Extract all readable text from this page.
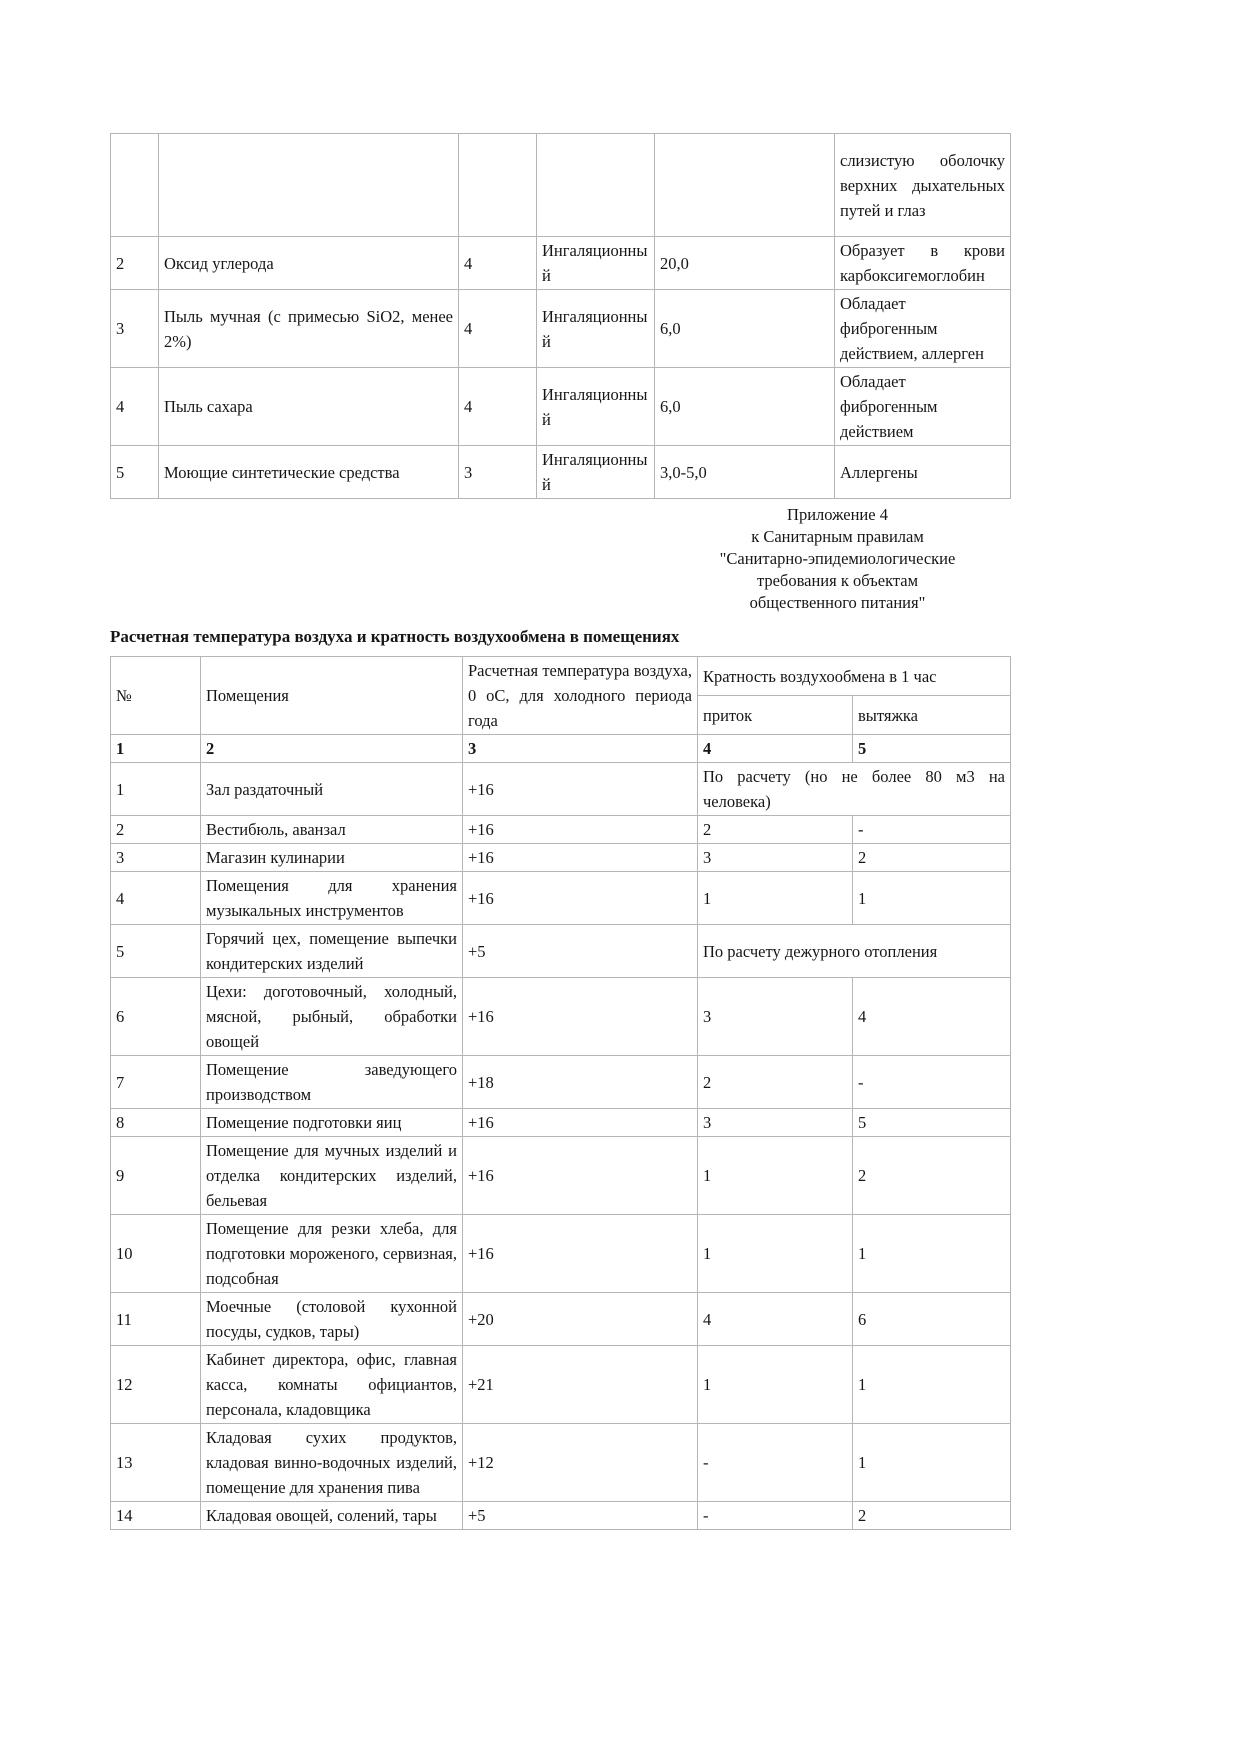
					слизистую оболочку верхних дыхательных путей и глаз
2	Оксид углерода	4	Ингаляционный	20,0	Образует в крови карбоксигемоглобин
3	Пыль мучная (с примесью SiO2, менее 2%)	4	Ингаляционный	6,0	Обладает фиброгенным действием, аллерген
4	Пыль сахара	4	Ингаляционный	6,0	Обладает фиброгенным действием
5	Моющие синтетические средства	3	Ингаляционный	3,0-5,0	Аллергены
Приложение 4
к Санитарным правилам
"Санитарно-эпидемиологические
требования к объектам
общественного питания"
Расчетная температура воздуха и кратность воздухообмена в помещениях
№	Помещения	Расчетная температура воздуха, 0 оС, для холодного периода года	Кратность воздухообмена в 1 час	
			приток	вытяжка
1	2	3	4	5
1	Зал раздаточный	+16	По расчету (но не более 80 м3 на человека)	
2	Вестибюль, аванзал	+16	2	-
3	Магазин кулинарии	+16	3	2
4	Помещения для хранения музыкальных инструментов	+16	1	1
5	Горячий цех, помещение выпечки кондитерских изделий	+5	По расчету дежурного отопления	
6	Цехи: доготовочный, холодный, мясной, рыбный, обработки овощей	+16	3	4
7	Помещение заведующего производством	+18	2	-
8	Помещение подготовки яиц	+16	3	5
9	Помещение для мучных изделий и отделка кондитерских изделий, бельевая	+16	1	2
10	Помещение для резки хлеба, для подготовки мороженого, сервизная, подсобная	+16	1	1
11	Моечные (столовой кухонной посуды, судков, тары)	+20	4	6
12	Кабинет директора, офис, главная касса, комнаты официантов, персонала, кладовщика	+21	1	1
13	Кладовая сухих продуктов, кладовая винно-водочных изделий, помещение для хранения пива	+12	-	1
14	Кладовая овощей, солений, тары	+5	-	2
